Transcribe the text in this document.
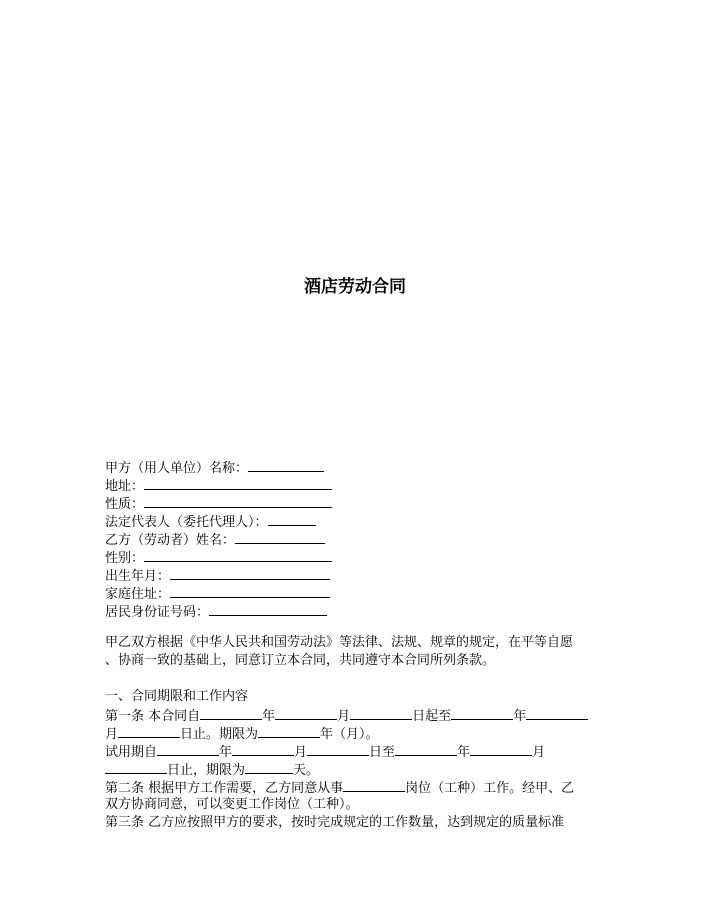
酒店劳动合同
甲方（用人单位）名称：
地址：
性质：
法定代表人（委托代理人）：
乙方（劳动者）姓名：
性别：
出生年月：
家庭住址：
居民身份证号码：
甲乙双方根据《中华人民共和国劳动法》等法律、法规、规章的规定，在平等自愿
、协商一致的基础上，同意订立本合同，共同遵守本合同所列条款。
一、合同期限和工作内容
第一条 本合同自	年	月	日起至	年
月	日止。期限为	年（月）。
试用期自	年	月	日至	年	月
日止，期限为	天。
第二条 根据甲方工作需要，乙方同意从事	岗位（工种）工作。经甲、乙
双方协商同意，可以变更工作岗位（工种）。
第三条 乙方应按照甲方的要求，按时完成规定的工作数量，达到规定的质量标准
